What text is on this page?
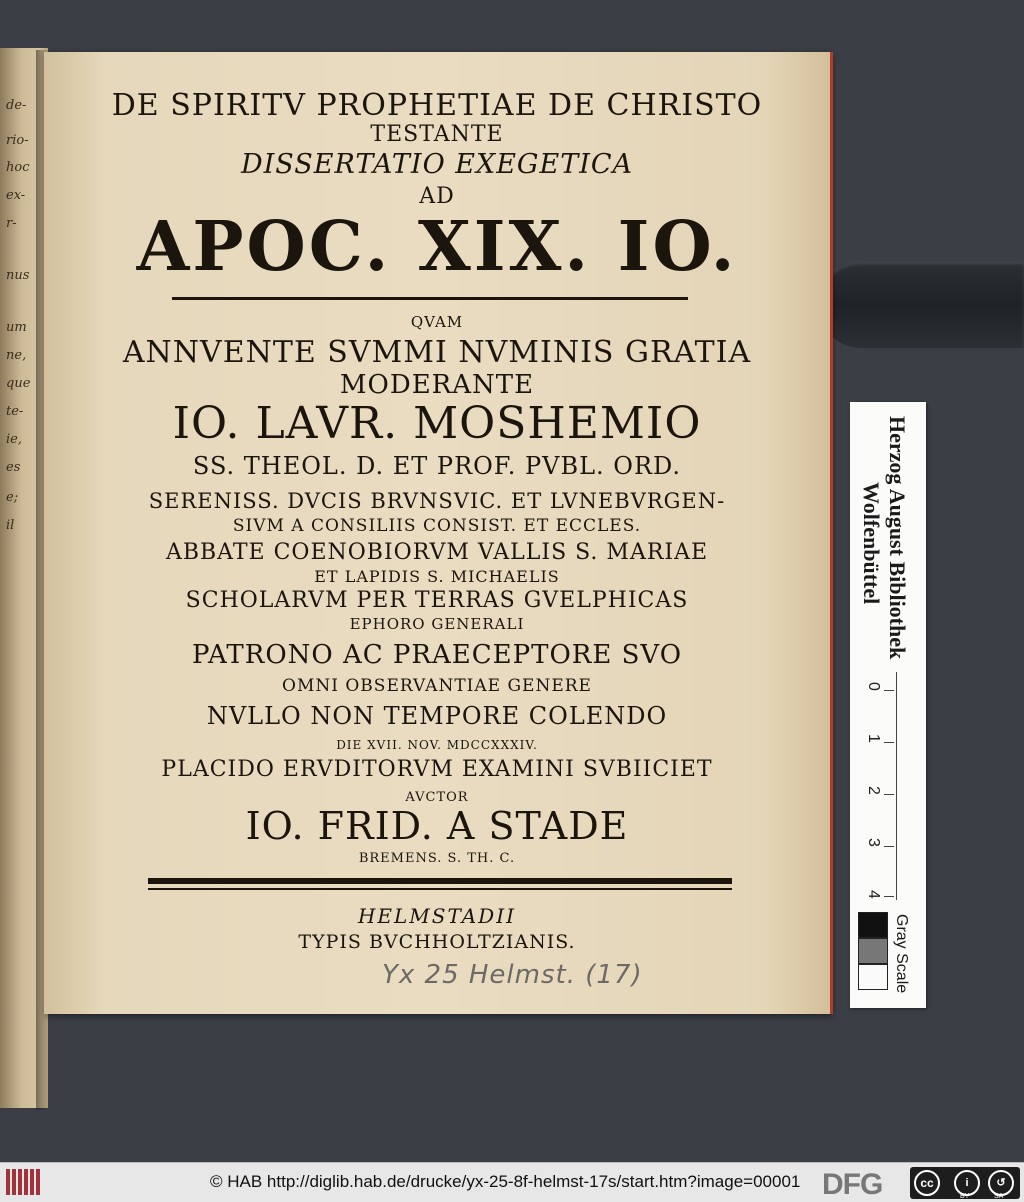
de-
rio-
hoc
ex-
r-
nus
um
ne,
que
te-
ie,
es
e;
il
DE SPIRITV PROPHETIAE DE CHRISTO
TESTANTE
DISSERTATIO EXEGETICA
AD
APOC. XIX. IO.
QVAM
ANNVENTE SVMMI NVMINIS GRATIA
MODERANTE
IO. LAVR. MOSHEMIO
SS. THEOL. D. ET PROF. PVBL. ORD.
SERENISS. DVCIS BRVNSVIC. ET LVNEBVRGEN-
SIVM A CONSILIIS CONSIST. ET ECCLES.
ABBATE COENOBIORVM VALLIS S. MARIAE
ET LAPIDIS S. MICHAELIS
SCHOLARVM PER TERRAS GVELPHICAS
EPHORO GENERALI
PATRONO AC PRAECEPTORE SVO
OMNI OBSERVANTIAE GENERE
NVLLO NON TEMPORE COLENDO
DIE XVII. NOV. MDCCXXXIV.
PLACIDO ERVDITORVM EXAMINI SVBIICIET
AVCTOR
IO. FRID. A STADE
BREMENS. S. TH. C.
HELMSTADII
TYPIS BVCHHOLTZIANIS.
Yx 25 Helmst. (17)
Herzog August Bibliothek
Wolfenbüttel
0
1
2
3
4
Gray Scale
© HAB http://diglib.hab.de/drucke/yx-25-8f-helmst-17s/start.htm?image=00001 DFG	cc	i	↺
BY	SA
